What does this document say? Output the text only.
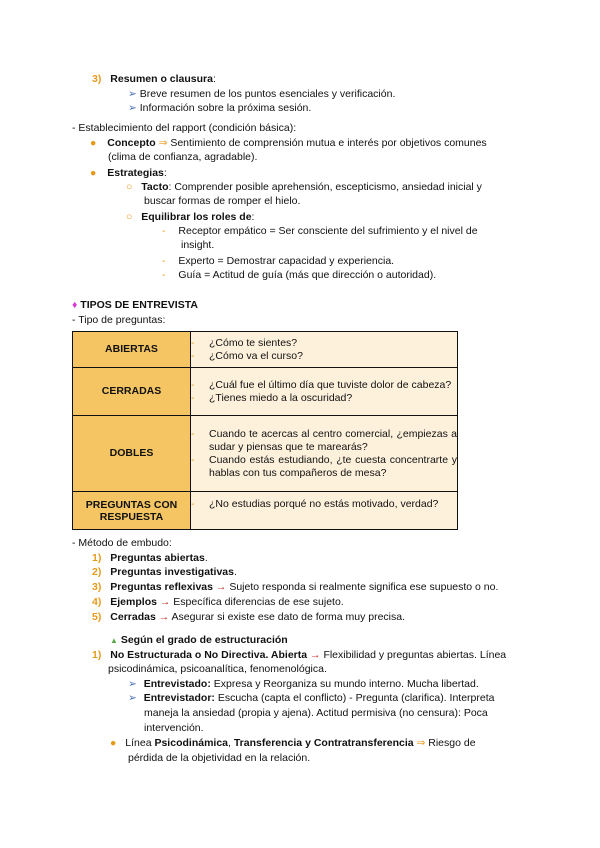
3) Resumen o clausura:
➢ Breve resumen de los puntos esenciales y verificación.
➢ Información sobre la próxima sesión.
- Establecimiento del rapport (condición básica):
● Concepto ⇒ Sentimiento de comprensión mutua e interés por objetivos comunes
(clima de confianza, agradable).
● Estrategias:
○ Tacto: Comprender posible aprehensión, escepticismo, ansiedad inicial y
buscar formas de romper el hielo.
○ Equilibrar los roles de:
- Receptor empático = Ser consciente del sufrimiento y el nivel de
insight.
- Experto = Demostrar capacidad y experiencia.
- Guía = Actitud de guía (más que dirección o autoridad).
♦ TIPOS DE ENTREVISTA
- Tipo de preguntas:
ABIERTAS	- ¿Cómo te sientes?
- ¿Cómo va el curso?

CERRADAS	- ¿Cuál fue el último día que tuviste dolor de cabeza?
- ¿Tienes miedo a la oscuridad?

DOBLES	- Cuando te acercas al centro comercial, ¿empiezas a sudar y piensas que te marearás?
- Cuando estás estudiando, ¿te cuesta concentrarte y hablas con tus compañeros de mesa?

PREGUNTAS CON RESPUESTA	- ¿No estudias porqué no estás motivado, verdad?
- Método de embudo:
1) Preguntas abiertas.
2) Preguntas investigativas.
3) Preguntas reflexivas → Sujeto responda si realmente significa ese supuesto o no.
4) Ejemplos → Específica diferencias de ese sujeto.
5) Cerradas → Asegurar si existe ese dato de forma muy precisa.
▲ Según el grado de estructuración
1) No Estructurada o No Directiva. Abierta → Flexibilidad y preguntas abiertas. Línea
psicodinámica, psicoanalítica, fenomenológica.
➢ Entrevistado: Expresa y Reorganiza su mundo interno. Mucha libertad.
➢ Entrevistador: Escucha (capta el conflicto) - Pregunta (clarifica). Interpreta
maneja la ansiedad (propia y ajena). Actitud permisiva (no censura): Poca
intervención.
● Línea Psicodinámica, Transferencia y Contratransferencia ⇒ Riesgo de
pérdida de la objetividad en la relación.
